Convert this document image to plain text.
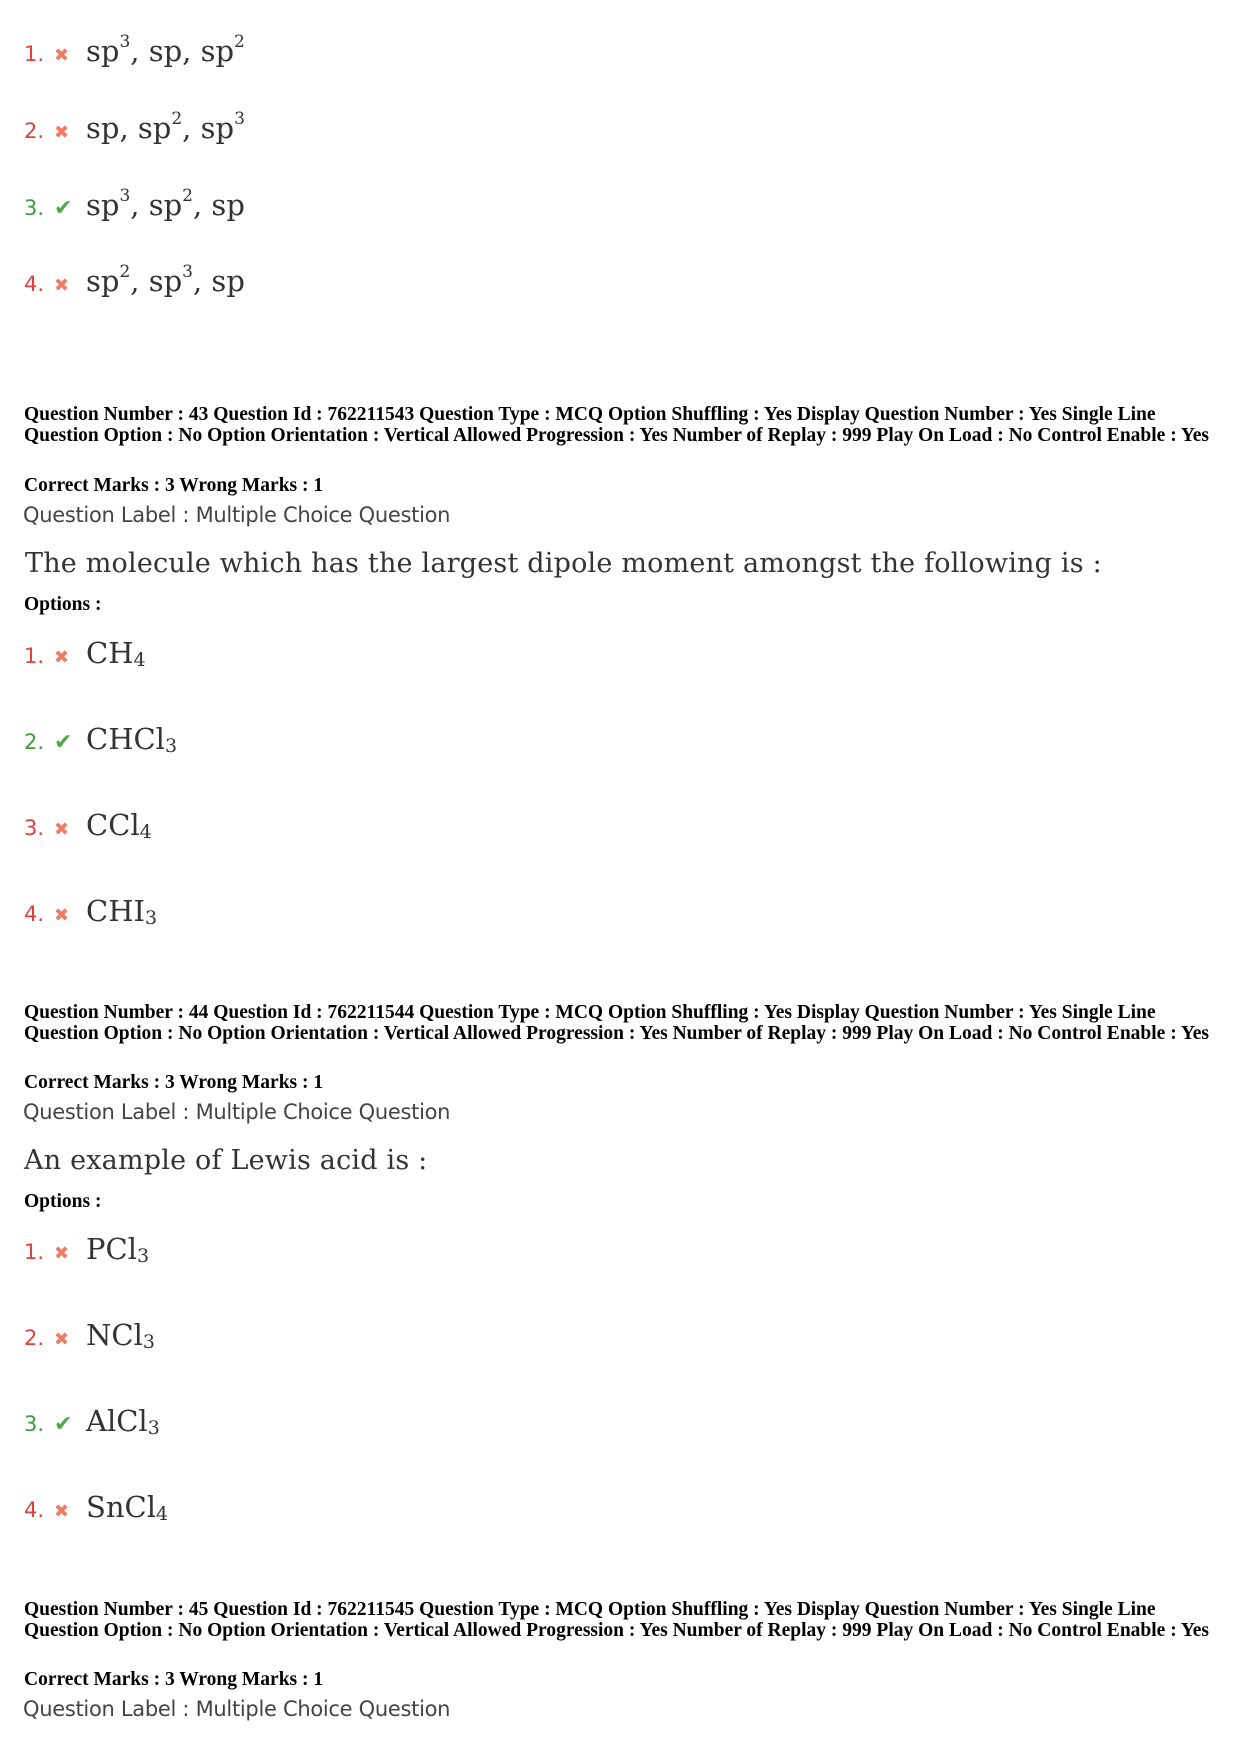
1. ✖ $sp^3$, sp, $sp^2$
2. ✖ sp, $sp^2$, $sp^3$
3. ✔ $sp^3$, $sp^2$, sp
4. ✖ $sp^2$, $sp^3$, sp
Question Number : 43 Question Id : 762211543 Question Type : MCQ Option Shuffling : Yes Display Question Number : Yes Single Line Question Option : No Option Orientation : Vertical Allowed Progression : Yes Number of Replay : 999 Play On Load : No Control Enable : Yes
Correct Marks : 3 Wrong Marks : 1
Question Label : Multiple Choice Question
The molecule which has the largest dipole moment amongst the following is :
Options :
1. ✖ $CH_4$
2. ✔ CHCl$_3$
3. ✖ CCl$_4$
4. ✖ $CHI_3$
Question Number : 44 Question Id : 762211544 Question Type : MCQ Option Shuffling : Yes Display Question Number : Yes Single Line Question Option : No Option Orientation : Vertical Allowed Progression : Yes Number of Replay : 999 Play On Load : No Control Enable : Yes
Correct Marks : 3 Wrong Marks : 1
Question Label : Multiple Choice Question
An example of Lewis acid is :
Options :
1. ✖ PCl$_3$
2. ✖ NCl$_3$
3. ✔ AlCl$_3$
4. ✖ SnCl$_4$
Question Number : 45 Question Id : 762211545 Question Type : MCQ Option Shuffling : Yes Display Question Number : Yes Single Line Question Option : No Option Orientation : Vertical Allowed Progression : Yes Number of Replay : 999 Play On Load : No Control Enable : Yes
Correct Marks : 3 Wrong Marks : 1
Question Label : Multiple Choice Question
